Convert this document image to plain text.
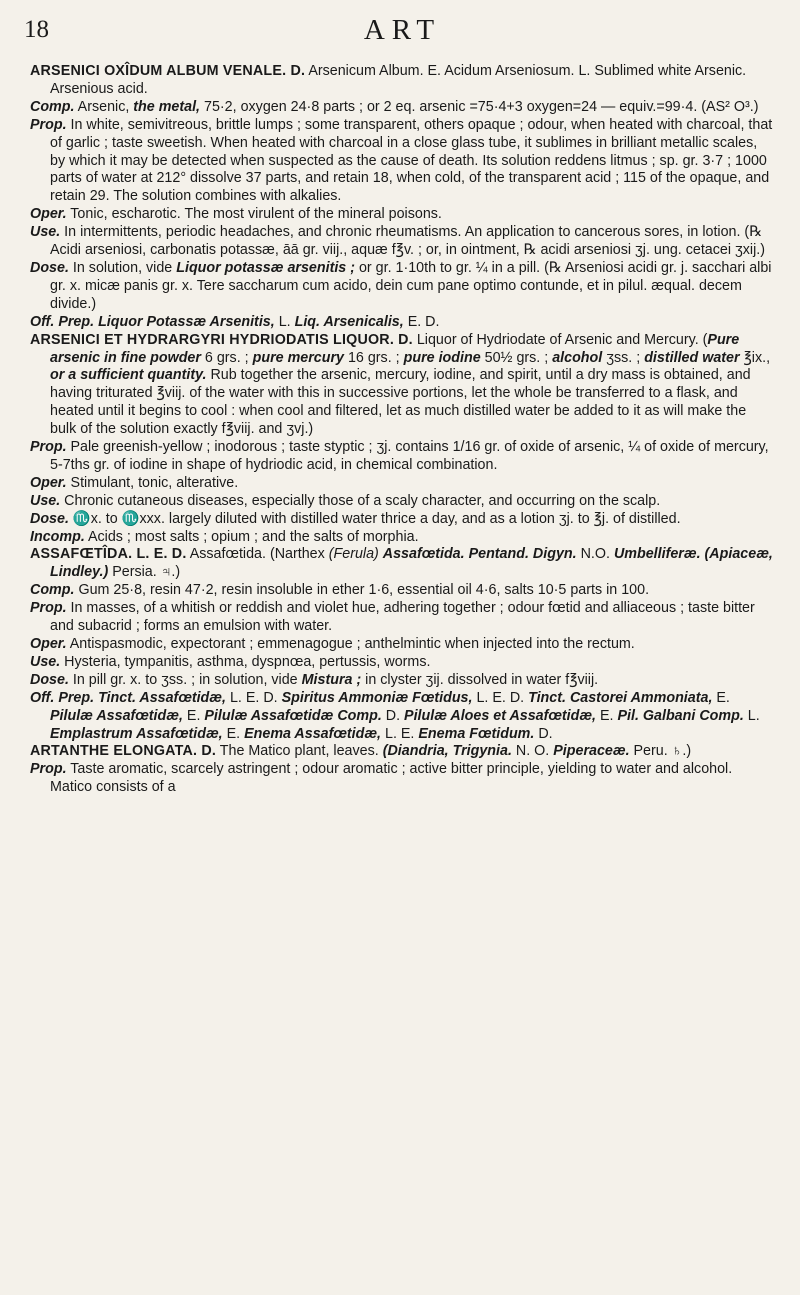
18	ART

ARSENICI OXÎDUM ALBUM VENALE. D. Arsenicum Album. E. Acidum Arseniosum. L. Sublimed white Arsenic. Arsenious acid.

Comp. Arsenic, the metal, 75·2, oxygen 24·8 parts ; or 2 eq. arsenic =75·4+3 oxygen=24 — equiv.=99·4. (AS² O³.)

Prop. In white, semivitreous, brittle lumps ; some transparent, others opaque ; odour, when heated with charcoal, that of garlic ; taste sweetish. When heated with charcoal in a close glass tube, it sublimes in brilliant metallic scales, by which it may be detected when suspected as the cause of death. Its solution reddens litmus ; sp. gr. 3·7 ; 1000 parts of water at 212° dissolve 37 parts, and retain 18, when cold, of the transparent acid ; 115 of the opaque, and retain 29. The solution combines with alkalies.

Oper. Tonic, escharotic. The most virulent of the mineral poisons.

Use. In intermittents, periodic headaches, and chronic rheumatisms. An application to cancerous sores, in lotion. (℞ Acidi arseniosi, carbonatis potassæ, āā gr. viij., aquæ f℥v. ; or, in ointment, ℞ acidi arseniosi ʒj. ung. cetacei ʒxij.)

Dose. In solution, vide Liquor potassæ arsenitis ; or gr. 1·10th to gr. ¼ in a pill. (℞ Arseniosi acidi gr. j. sacchari albi gr. x. micæ panis gr. x. Tere saccharum cum acido, dein cum pane optimo contunde, et in pilul. æqual. decem divide.)

Off. Prep. Liquor Potassæ Arsenitis, L. Liq. Arsenicalis, E. D.

ARSENICI ET HYDRARGYRI HYDRIODATIS LIQUOR. D. Liquor of Hydriodate of Arsenic and Mercury. (Pure arsenic in fine powder 6 grs. ; pure mercury 16 grs. ; pure iodine 50½ grs. ; alcohol ʒss. ; distilled water ℥ix., or a sufficient quantity. Rub together the arsenic, mercury, iodine, and spirit, until a dry mass is obtained, and having triturated ℥viij. of the water with this in successive portions, let the whole be transferred to a flask, and heated until it begins to cool : when cool and filtered, let as much distilled water be added to it as will make the bulk of the solution exactly f℥viij. and ʒvj.)

Prop. Pale greenish-yellow ; inodorous ; taste styptic ; ʒj. contains 1/16 gr. of oxide of arsenic, ¼ of oxide of mercury, 5-7ths gr. of iodine in shape of hydriodic acid, in chemical combination.

Oper. Stimulant, tonic, alterative.

Use. Chronic cutaneous diseases, especially those of a scaly character, and occurring on the scalp.

Dose. ♏x. to ♏xxx. largely diluted with distilled water thrice a day, and as a lotion ʒj. to ℥j. of distilled.

Incomp. Acids ; most salts ; opium ; and the salts of morphia.

ASSAFŒTÎDA. L. E. D. Assafœtida. (Narthex (Ferula) Assafœtida. Pentand. Digyn. N.O. Umbelliferæ. (Apiaceæ, Lindley.) Persia. ♃.)

Comp. Gum 25·8, resin 47·2, resin insoluble in ether 1·6, essential oil 4·6, salts 10·5 parts in 100.

Prop. In masses, of a whitish or reddish and violet hue, adhering together ; odour fœtid and alliaceous ; taste bitter and subacrid ; forms an emulsion with water.

Oper. Antispasmodic, expectorant ; emmenagogue ; anthelmintic when injected into the rectum.

Use. Hysteria, tympanitis, asthma, dyspnœa, pertussis, worms.

Dose. In pill gr. x. to ʒss. ; in solution, vide Mistura ; in clyster ʒij. dissolved in water f℥viij.

Off. Prep. Tinct. Assafœtidæ, L. E. D. Spiritus Ammoniæ Fœtidus, L. E. D. Tinct. Castorei Ammoniata, E. Pilulæ Assafœtidæ, E. Pilulæ Assafœtidæ Comp. D. Pilulæ Aloes et Assafœtidæ, E. Pil. Galbani Comp. L. Emplastrum Assafœtidæ, E. Enema Assafœtidæ, L. E. Enema Fœtidum. D.

ARTANTHE ELONGATA. D. The Matico plant, leaves. (Diandria, Trigynia. N. O. Piperaceæ. Peru. ♄.)

Prop. Taste aromatic, scarcely astringent ; odour aromatic ; active bitter principle, yielding to water and alcohol. Matico consists of a
